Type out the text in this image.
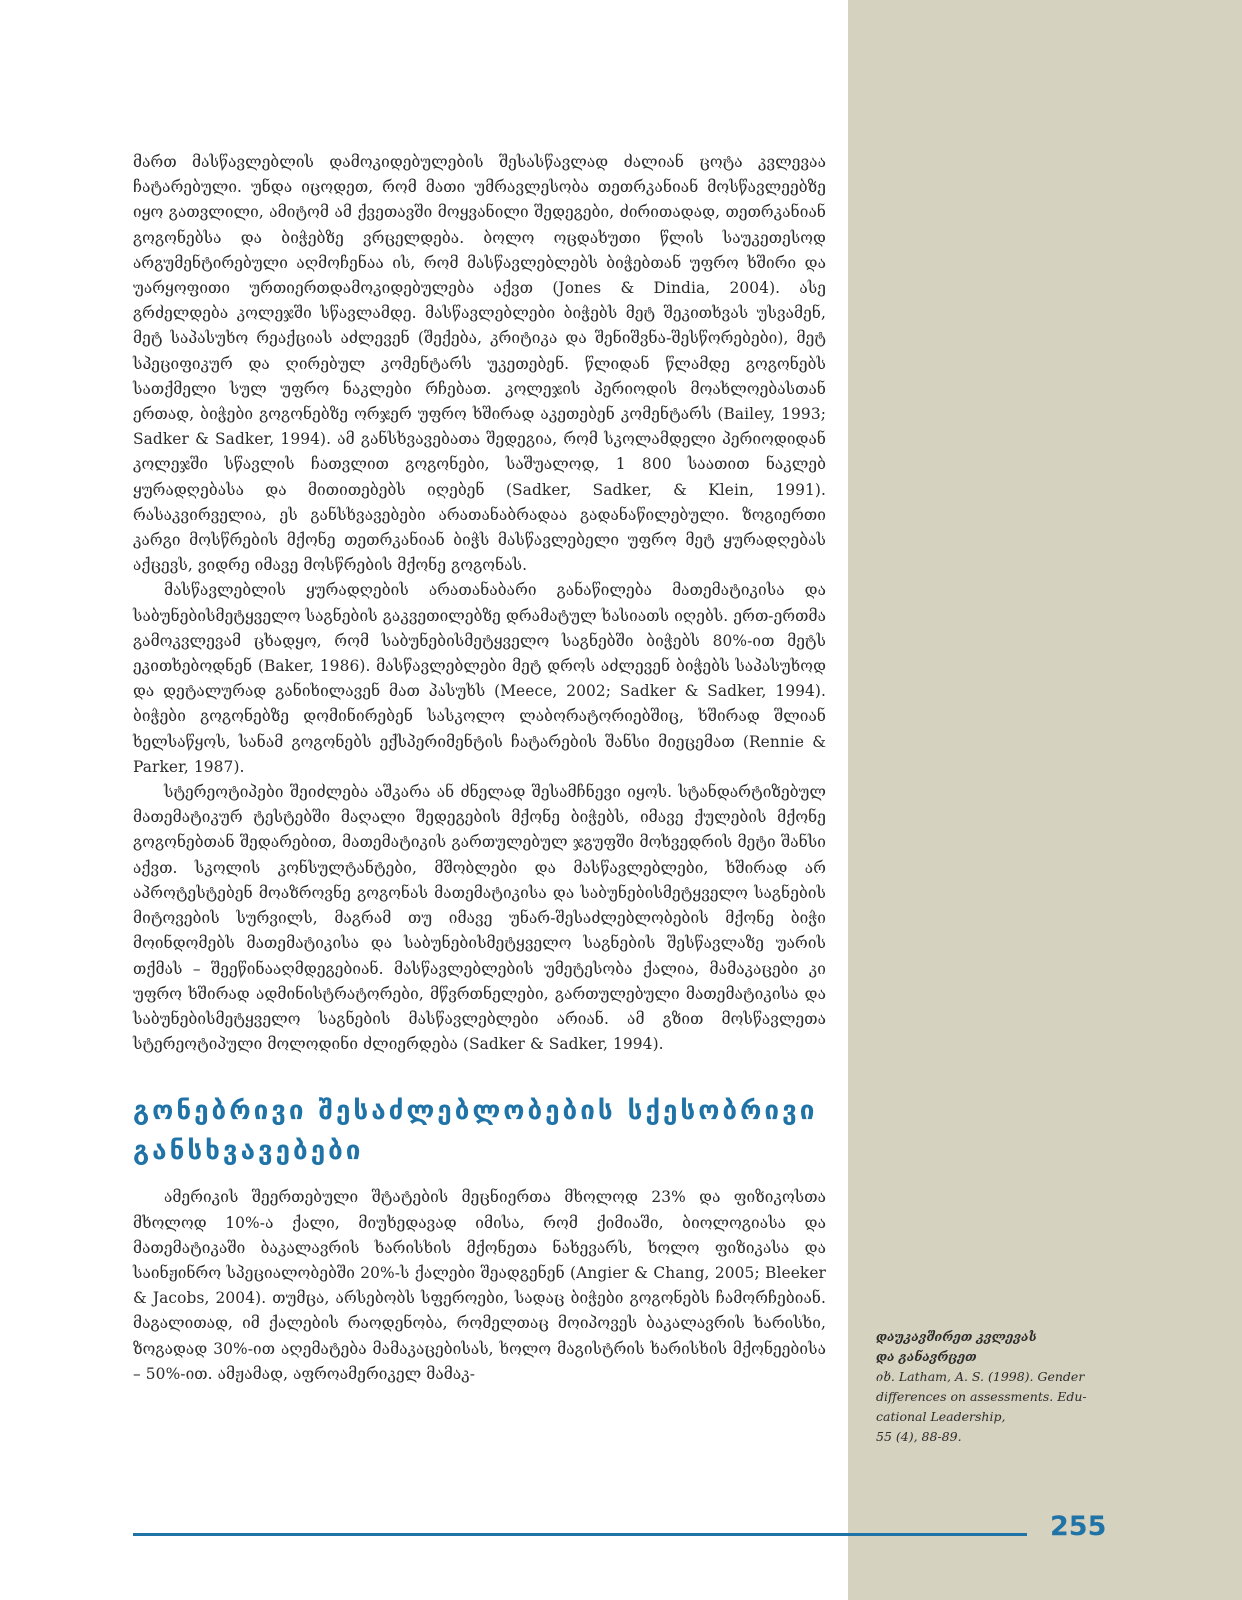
მართ მასწავლებლის დამოკიდებულების შესასწავლად ძალიან ცოტა კვლევაა ჩატარებული. უნდა იცოდეთ, რომ მათი უმრავლესობა თეთრკანიან მოსწავლეებზე იყო გათვლილი, ამიტომ ამ ქვეთავში მოყვანილი შედეგები, ძირითადად, თეთრკანიან გოგონებსა და ბიჭებზე ვრცელდება. ბოლო ოცდახუთი წლის საუკეთესოდ არგუმენტირებული აღმოჩენაა ის, რომ მასწავლებლებს ბიჭებთან უფრო ხშირი და უარყოფითი ურთიერთდამოკიდებულება აქვთ (Jones & Dindia, 2004). ასე გრძელდება კოლეჯში სწავლამდე. მასწავლებლები ბიჭებს მეტ შეკითხვას უსვამენ, მეტ საპასუხო რეაქციას აძლევენ (შექება, კრიტიკა და შენიშვნა-შესწორებები), მეტ სპეციფიკურ და ღირებულ კომენტარს უკეთებენ. წლიდან წლამდე გოგონებს სათქმელი სულ უფრო ნაკლები რჩებათ. კოლეჯის პერიოდის მოახლოებასთან ერთად, ბიჭები გოგონებზე ორჯერ უფრო ხშირად აკეთებენ კომენტარს (Bailey, 1993; Sadker & Sadker, 1994). ამ განსხვავებათა შედეგია, რომ სკოლამდელი პერიოდიდან კოლეჯში სწავლის ჩათვლით გოგონები, საშუალოდ, 1 800 საათით ნაკლებ ყურადღებასა და მითითებებს იღებენ (Sadker, Sadker, & Klein, 1991). რასაკვირველია, ეს განსხვავებები არათანაბრადაა გადანაწილებული. ზოგიერთი კარგი მოსწრების მქონე თეთრკანიან ბიჭს მასწავლებელი უფრო მეტ ყურადღებას აქცევს, ვიდრე იმავე მოსწრების მქონე გოგონას.

მასწავლებლის ყურადღების არათანაბარი განაწილება მათემატიკისა და საბუნებისმეტყველო საგნების გაკვეთილებზე დრამატულ ხასიათს იღებს. ერთ-ერთმა გამოკვლევამ ცხადყო, რომ საბუნებისმეტყველო საგნებში ბიჭებს 80%-ით მეტს ეკითხებოდნენ (Baker, 1986). მასწავლებლები მეტ დროს აძლევენ ბიჭებს საპასუხოდ და დეტალურად განიხილავენ მათ პასუხს (Meece, 2002; Sadker & Sadker, 1994). ბიჭები გოგონებზე დომინირებენ სასკოლო ლაბორატორიებშიც, ხშირად შლიან ხელსაწყოს, სანამ გოგონებს ექსპერიმენტის ჩატარების შანსი მიეცემათ (Rennie & Parker, 1987).

სტერეოტიპები შეიძლება აშკარა ან ძნელად შესამჩნევი იყოს. სტანდარტიზებულ მათემატიკურ ტესტებში მაღალი შედეგების მქონე ბიჭებს, იმავე ქულების მქონე გოგონებთან შედარებით, მათემატიკის გართულებულ ჯგუფში მოხვედრის მეტი შანსი აქვთ. სკოლის კონსულტანტები, მშობლები და მასწავლებლები, ხშირად არ აპროტესტებენ მოაზროვნე გოგონას მათემატიკისა და საბუნებისმეტყველო საგნების მიტოვების სურვილს, მაგრამ თუ იმავე უნარ-შესაძლებლობების მქონე ბიჭი მოინდომებს მათემატიკისა და საბუნებისმეტყველო საგნების შესწავლაზე უარის თქმას – შეეწინააღმდეგებიან. მასწავლებლების უმეტესობა ქალია, მამაკაცები კი უფრო ხშირად ადმინისტრატორები, მწვრთნელები, გართულებული მათემატიკისა და საბუნებისმეტყველო საგნების მასწავლებლები არიან. ამ გზით მოსწავლეთა სტერეოტიპული მოლოდინი ძლიერდება (Sadker & Sadker, 1994).

გონებრივი შესაძლებლობების სქესობრივი განსხვავებები

ამერიკის შეერთებული შტატების მეცნიერთა მხოლოდ 23% და ფიზიკოსთა მხოლოდ 10%-ა ქალი, მიუხედავად იმისა, რომ ქიმიაში, ბიოლოგიასა და მათემატიკაში ბაკალავრის ხარისხის მქონეთა ნახევარს, ხოლო ფიზიკასა და საინჟინრო სპეციალობებში 20%-ს ქალები შეადგენენ (Angier & Chang, 2005; Bleeker & Jacobs, 2004). თუმცა, არსებობს სფეროები, სადაც ბიჭები გოგონებს ჩამორჩებიან. მაგალითად, იმ ქალების რაოდენობა, რომელთაც მოიპოვეს ბაკალავრის ხარისხი, ზოგადად 30%-ით აღემატება მამაკაცებისას, ხოლო მაგისტრის ხარისხის მქონეებისა – 50%-ით. ამჟამად, აფროამერიკელ მამაკ-

დაუკავშირეთ კვლევას
და განავრცეთ
იხ. Latham, A. S. (1998). Gender
differences on assessments. Edu-
cational Leadership,
55 (4), 88-89.
255
